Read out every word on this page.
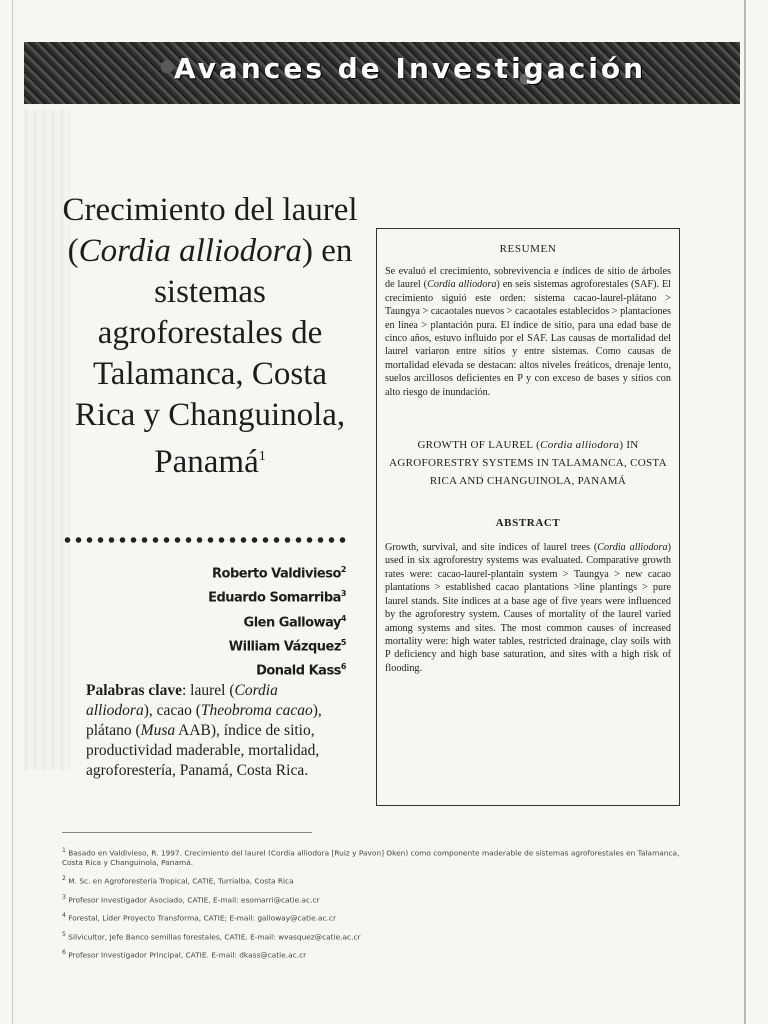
Avances de Investigación
Crecimiento del laurel (Cordia alliodora) en sistemas agroforestales de Talamanca, Costa Rica y Changuinola, Panamá$^1$
Roberto Valdivieso$^2$
Eduardo Somarriba$^3$
Glen Galloway$^4$
William Vázquez$^5$
Donald Kass$^6$
Palabras clave: laurel (Cordia alliodora), cacao (Theobroma cacao), plátano (Musa AAB), índice de sitio, productividad maderable, mortalidad, agroforestería, Panamá, Costa Rica.
RESUMEN

Se evaluó el crecimiento, sobrevivencia e índices de sitio de árboles de laurel (Cordia alliodora) en seis sistemas agroforestales (SAF). El crecimiento siguió este orden: sistema cacao-laurel-plátano > Taungya > cacaotales nuevos > cacaotales establecidos > plantaciones en línea > plantación pura. El índice de sitio, para una edad base de cinco años, estuvo influido por el SAF. Las causas de mortalidad del laurel variaron entre sitios y entre sistemas. Como causas de mortalidad elevada se destacan: altos niveles freáticos, drenaje lento, suelos arcillosos deficientes en P y con exceso de bases y sitios con alto riesgo de inundación.

GROWTH OF LAUREL (Cordia alliodora) IN AGROFORESTRY SYSTEMS IN TALAMANCA, COSTA RICA AND CHANGUINOLA, PANAMÁ
ABSTRACT

Growth, survival, and site indices of laurel trees (Cordia alliodora) used in six agroforestry systems was evaluated. Comparative growth rates were: cacao-laurel-plantain system > Taungya > new cacao plantations > established cacao plantations >line plantings > pure laurel stands. Site indices at a base age of five years were influenced by the agroforestry system. Causes of mortality of the laurel varied among systems and sites. The most common causes of increased mortality were: high water tables, restricted drainage, clay soils with P deficiency and high base saturation, and sites with a high risk of flooding.

$^1$ Basado en Valdivieso, R. 1997. Crecimiento del laurel (Cordia alliodora [Ruiz y Pavon] Oken) como componente maderable de sistemas agroforestales en Talamanca, Costa Rica y Changuinola, Panamá.
$^2$ M. Sc. en Agroforestería Tropical, CATIE, Turrialba, Costa Rica
$^3$ Profesor Investigador Asociado, CATIE, E-mail: esomarri@catie.ac.cr
$^4$ Forestal, Líder Proyecto Transforma, CATIE; E-mail: galloway@catie.ac.cr
$^5$ Silvicultor, Jefe Banco semillas forestales, CATIE. E-mail: wvasquez@catie.ac.cr
$^6$ Profesor Investigador Principal, CATIE. E-mail: dkass@catie.ac.cr
